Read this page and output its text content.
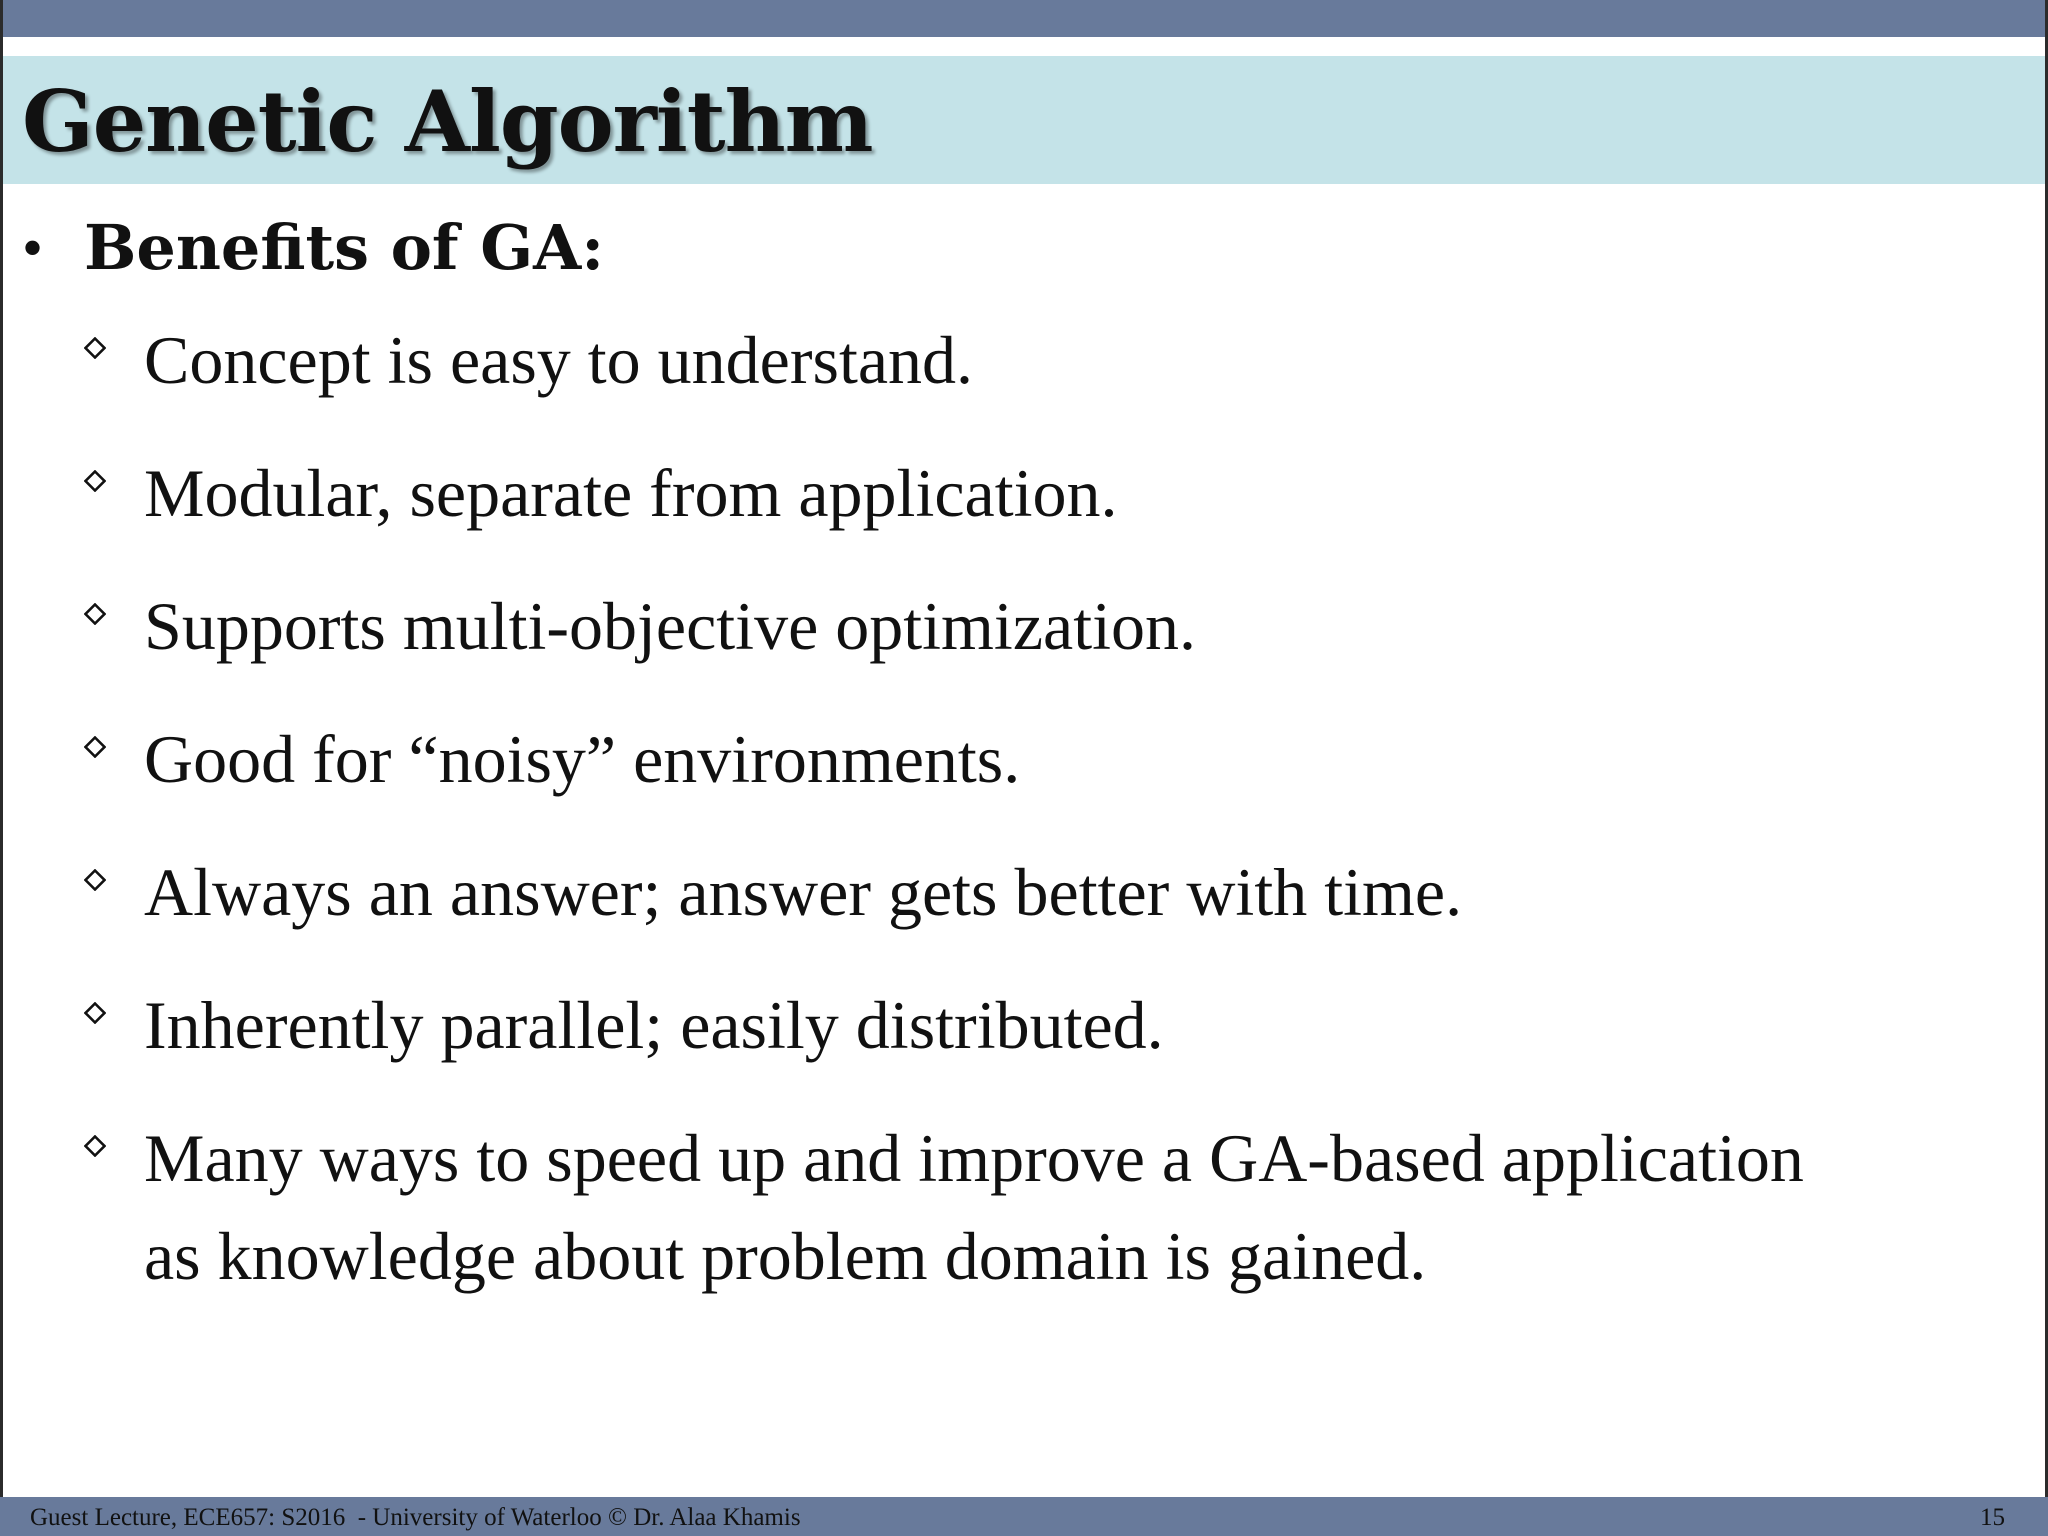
Genetic Algorithm
• Benefits of GA:
Concept is easy to understand.
Modular, separate from application.
Supports multi-objective optimization.
Good for “noisy” environments.
Always an answer; answer gets better with time.
Inherently parallel; easily distributed.
Many ways to speed up and improve a GA-based application
as knowledge about problem domain is gained.
Guest Lecture, ECE657: S2016  - University of Waterloo © Dr. Alaa Khamis	15
